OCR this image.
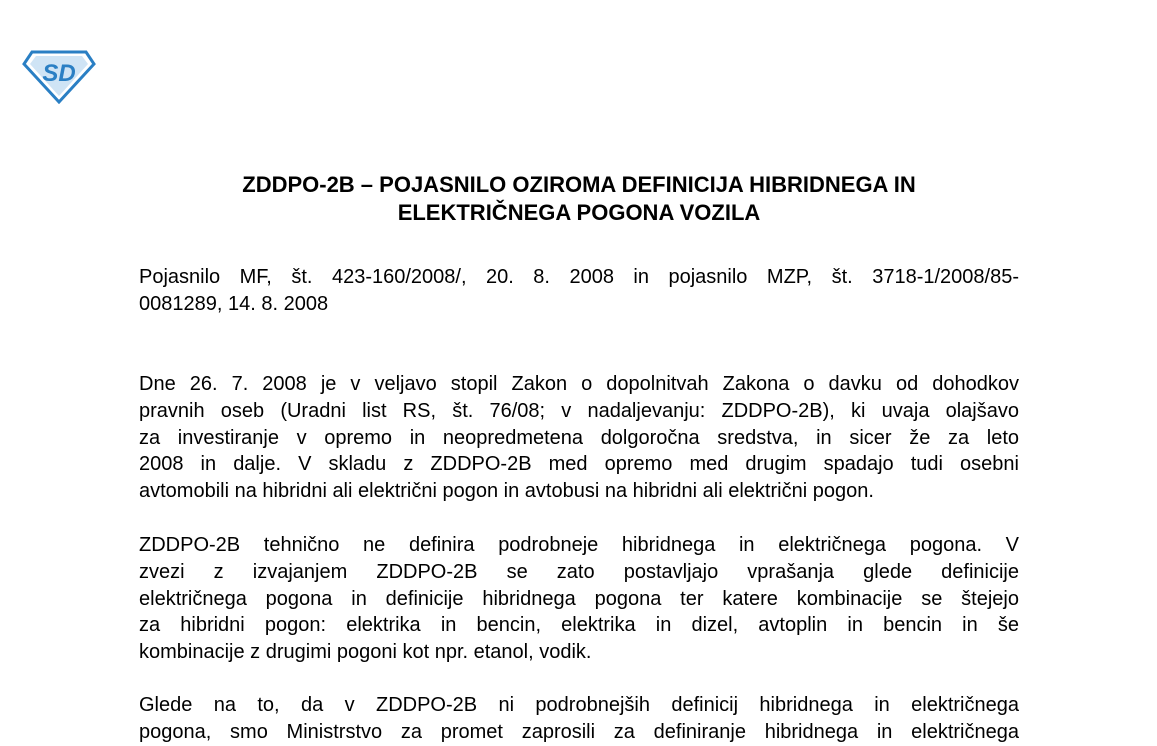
SD
ZDDPO-2B – POJASNILO OZIROMA DEFINICIJA HIBRIDNEGA IN
ELEKTRIČNEGA POGONA VOZILA
Pojasnilo MF, št. 423-160/2008/, 20. 8. 2008 in pojasnilo MZP, št. 3718-1/2008/85-
0081289, 14. 8. 2008
Dne 26. 7. 2008 je v veljavo stopil Zakon o dopolnitvah Zakona o davku od dohodkov
pravnih oseb (Uradni list RS, št. 76/08; v nadaljevanju: ZDDPO-2B), ki uvaja olajšavo
za investiranje v opremo in neopredmetena dolgoročna sredstva, in sicer že za leto
2008 in dalje. V skladu z ZDDPO-2B med opremo med drugim spadajo tudi osebni
avtomobili na hibridni ali električni pogon in avtobusi na hibridni ali električni pogon.
ZDDPO-2B tehnično ne definira podrobneje hibridnega in električnega pogona. V
zvezi z izvajanjem ZDDPO-2B se zato postavljajo vprašanja glede definicije
električnega pogona in definicije hibridnega pogona ter katere kombinacije se štejejo
za hibridni pogon: elektrika in bencin, elektrika in dizel, avtoplin in bencin in še
kombinacije z drugimi pogoni kot npr. etanol, vodik.
Glede na to, da v ZDDPO-2B ni podrobnejših definicij hibridnega in električnega
pogona, smo Ministrstvo za promet zaprosili za definiranje hibridnega in električnega
